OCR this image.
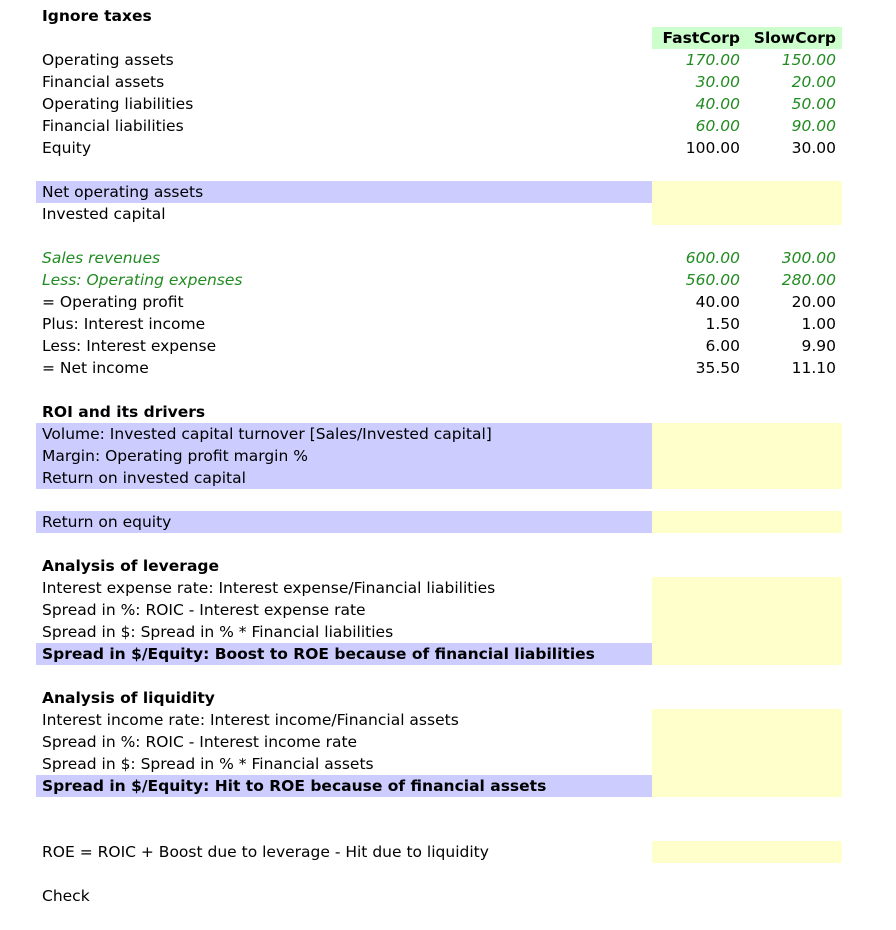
Ignore taxes
FastCorp SlowCorp
Operating assets	170.00	150.00
Financial assets	30.00	20.00
Operating liabilities	40.00	50.00
Financial liabilities	60.00	90.00
Equity	100.00	30.00
Net operating assets
Invested capital
Sales revenues	600.00	300.00
Less: Operating expenses	560.00	280.00
= Operating profit	40.00	20.00
Plus: Interest income	1.50	1.00
Less: Interest expense	6.00	9.90
= Net income	35.50	11.10
ROI and its drivers
Volume: Invested capital turnover [Sales/Invested capital]
Margin: Operating profit margin %
Return on invested capital
Return on equity
Analysis of leverage
Interest expense rate: Interest expense/Financial liabilities
Spread in %: ROIC - Interest expense rate
Spread in $: Spread in % * Financial liabilities
Spread in $/Equity: Boost to ROE because of financial liabilities
Analysis of liquidity
Interest income rate: Interest income/Financial assets
Spread in %: ROIC - Interest income rate
Spread in $: Spread in % * Financial assets
Spread in $/Equity: Hit to ROE because of financial assets
ROE = ROIC + Boost due to leverage - Hit due to liquidity
Check
